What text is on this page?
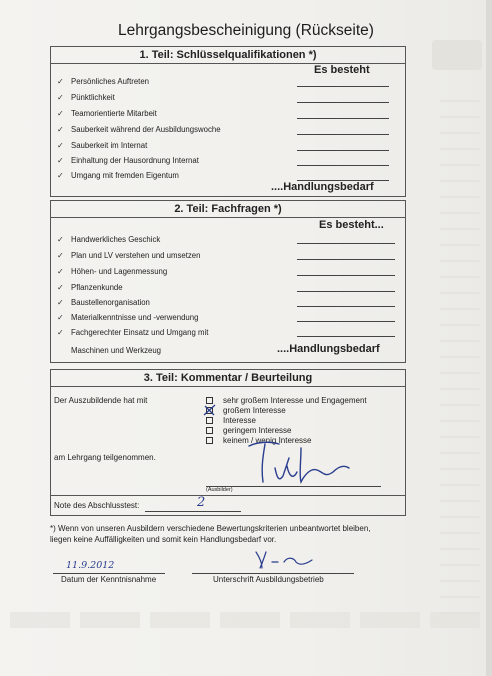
Lehrgangsbescheinigung (Rückseite)
1. Teil: Schlüsselqualifikationen *)
Es besteht
✓ Persönliches Auftreten
✓ Pünktlichkeit
✓ Teamorientierte Mitarbeit
✓ Sauberkeit während der Ausbildungswoche
✓ Sauberkeit im Internat
✓ Einhaltung der Hausordnung Internat
✓ Umgang mit fremden Eigentum
....Handlungsbedarf
2. Teil: Fachfragen *)
Es besteht...
✓ Handwerkliches Geschick
✓ Plan und LV verstehen und umsetzen
✓ Höhen- und Lagenmessung
✓ Pflanzenkunde
✓ Baustellenorganisation
✓ Materialkenntnisse und -verwendung
✓ Fachgerechter Einsatz und Umgang mit
Maschinen und Werkzeug	....Handlungsbedarf
3. Teil: Kommentar / Beurteilung
Der Auszubildende hat mit	sehr großem Interesse und Engagement
großem Interesse
Interesse
geringem Interesse
keinem / wenig Interesse
am Lehrgang teilgenommen.
(Ausbilder)
Note des Abschlusstest:	2
*) Wenn von unseren Ausbildern verschiedene Bewertungskriterien unbeantwortet bleiben,
liegen keine Auffälligkeiten und somit kein Handlungsbedarf vor.
11.9.2012
Datum der Kenntnisnahme	Unterschrift Ausbildungsbetrieb
